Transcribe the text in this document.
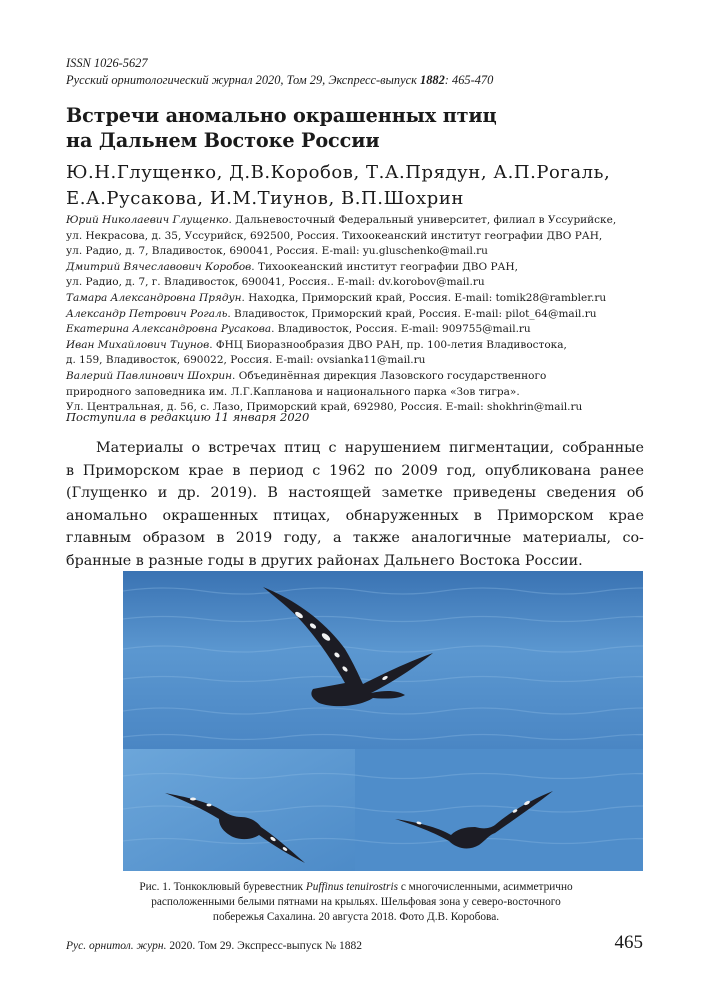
ISSN 1026-5627
Русский орнитологический журнал 2020, Том 29, Экспресс-выпуск 1882: 465-470
Встречи аномально окрашенных птиц
на Дальнем Востоке России
Ю.Н.Глущенко, Д.В.Коробов, Т.А.Прядун, А.П.Рогаль,
Е.А.Русакова, И.М.Тиунов, В.П.Шохрин
Юрий Николаевич Глущенко. Дальневосточный Федеральный университет, филиал в Уссурийске,
ул. Некрасова, д. 35, Уссурийск, 692500, Россия. Тихоокеанский институт географии ДВО РАН,
ул. Радио, д. 7, Владивосток, 690041, Россия. E-mail: yu.gluschenko@mail.ru
Дмитрий Вячеславович Коробов. Тихоокеанский институт географии ДВО РАН,
ул. Радио, д. 7, г. Владивосток, 690041, Россия.. E-mail: dv.korobov@mail.ru
Тамара Александровна Прядун. Находка, Приморский край, Россия. E-mail: tomik28@rambler.ru
Александр Петрович Рогаль. Владивосток, Приморский край, Россия. E-mail: pilot_64@mail.ru
Екатерина Александровна Русакова. Владивосток, Россия. E-mail: 909755@mail.ru
Иван Михайлович Тиунов. ФНЦ Биоразнообразия ДВО РАН, пр. 100-летия Владивостока,
д. 159, Владивосток, 690022, Россия. E-mail: ovsianka11@mail.ru
Валерий Павлинович Шохрин. Объединённая дирекция Лазовского государственного
природного заповедника им. Л.Г.Капланова и национального парка «Зов тигра».
Ул. Центральная, д. 56, с. Лазо, Приморский край, 692980, Россия. E-mail: shokhrin@mail.ru
Поступила в редакцию 11 января 2020
Материалы о встречах птиц с нарушением пигментации, собранные
в Приморском крае в период с 1962 по 2009 год, опубликована ранее
(Глущенко и др. 2019). В настоящей заметке приведены сведения об
аномально окрашенных птицах, обнаруженных в Приморском крае
главным образом в 2019 году, а также аналогичные материалы, со-
бранные в разные годы в других районах Дальнего Востока России.
Рис. 1. Тонкоклювый буревестник Puffinus tenuirostris с многочисленными, асимметрично
расположенными белыми пятнами на крыльях. Шельфовая зона у северо-восточного
побережья Сахалина. 20 августа 2018. Фото Д.В. Коробова.
Рус. орнитол. журн. 2020. Том 29. Экспресс-выпуск № 1882	465
